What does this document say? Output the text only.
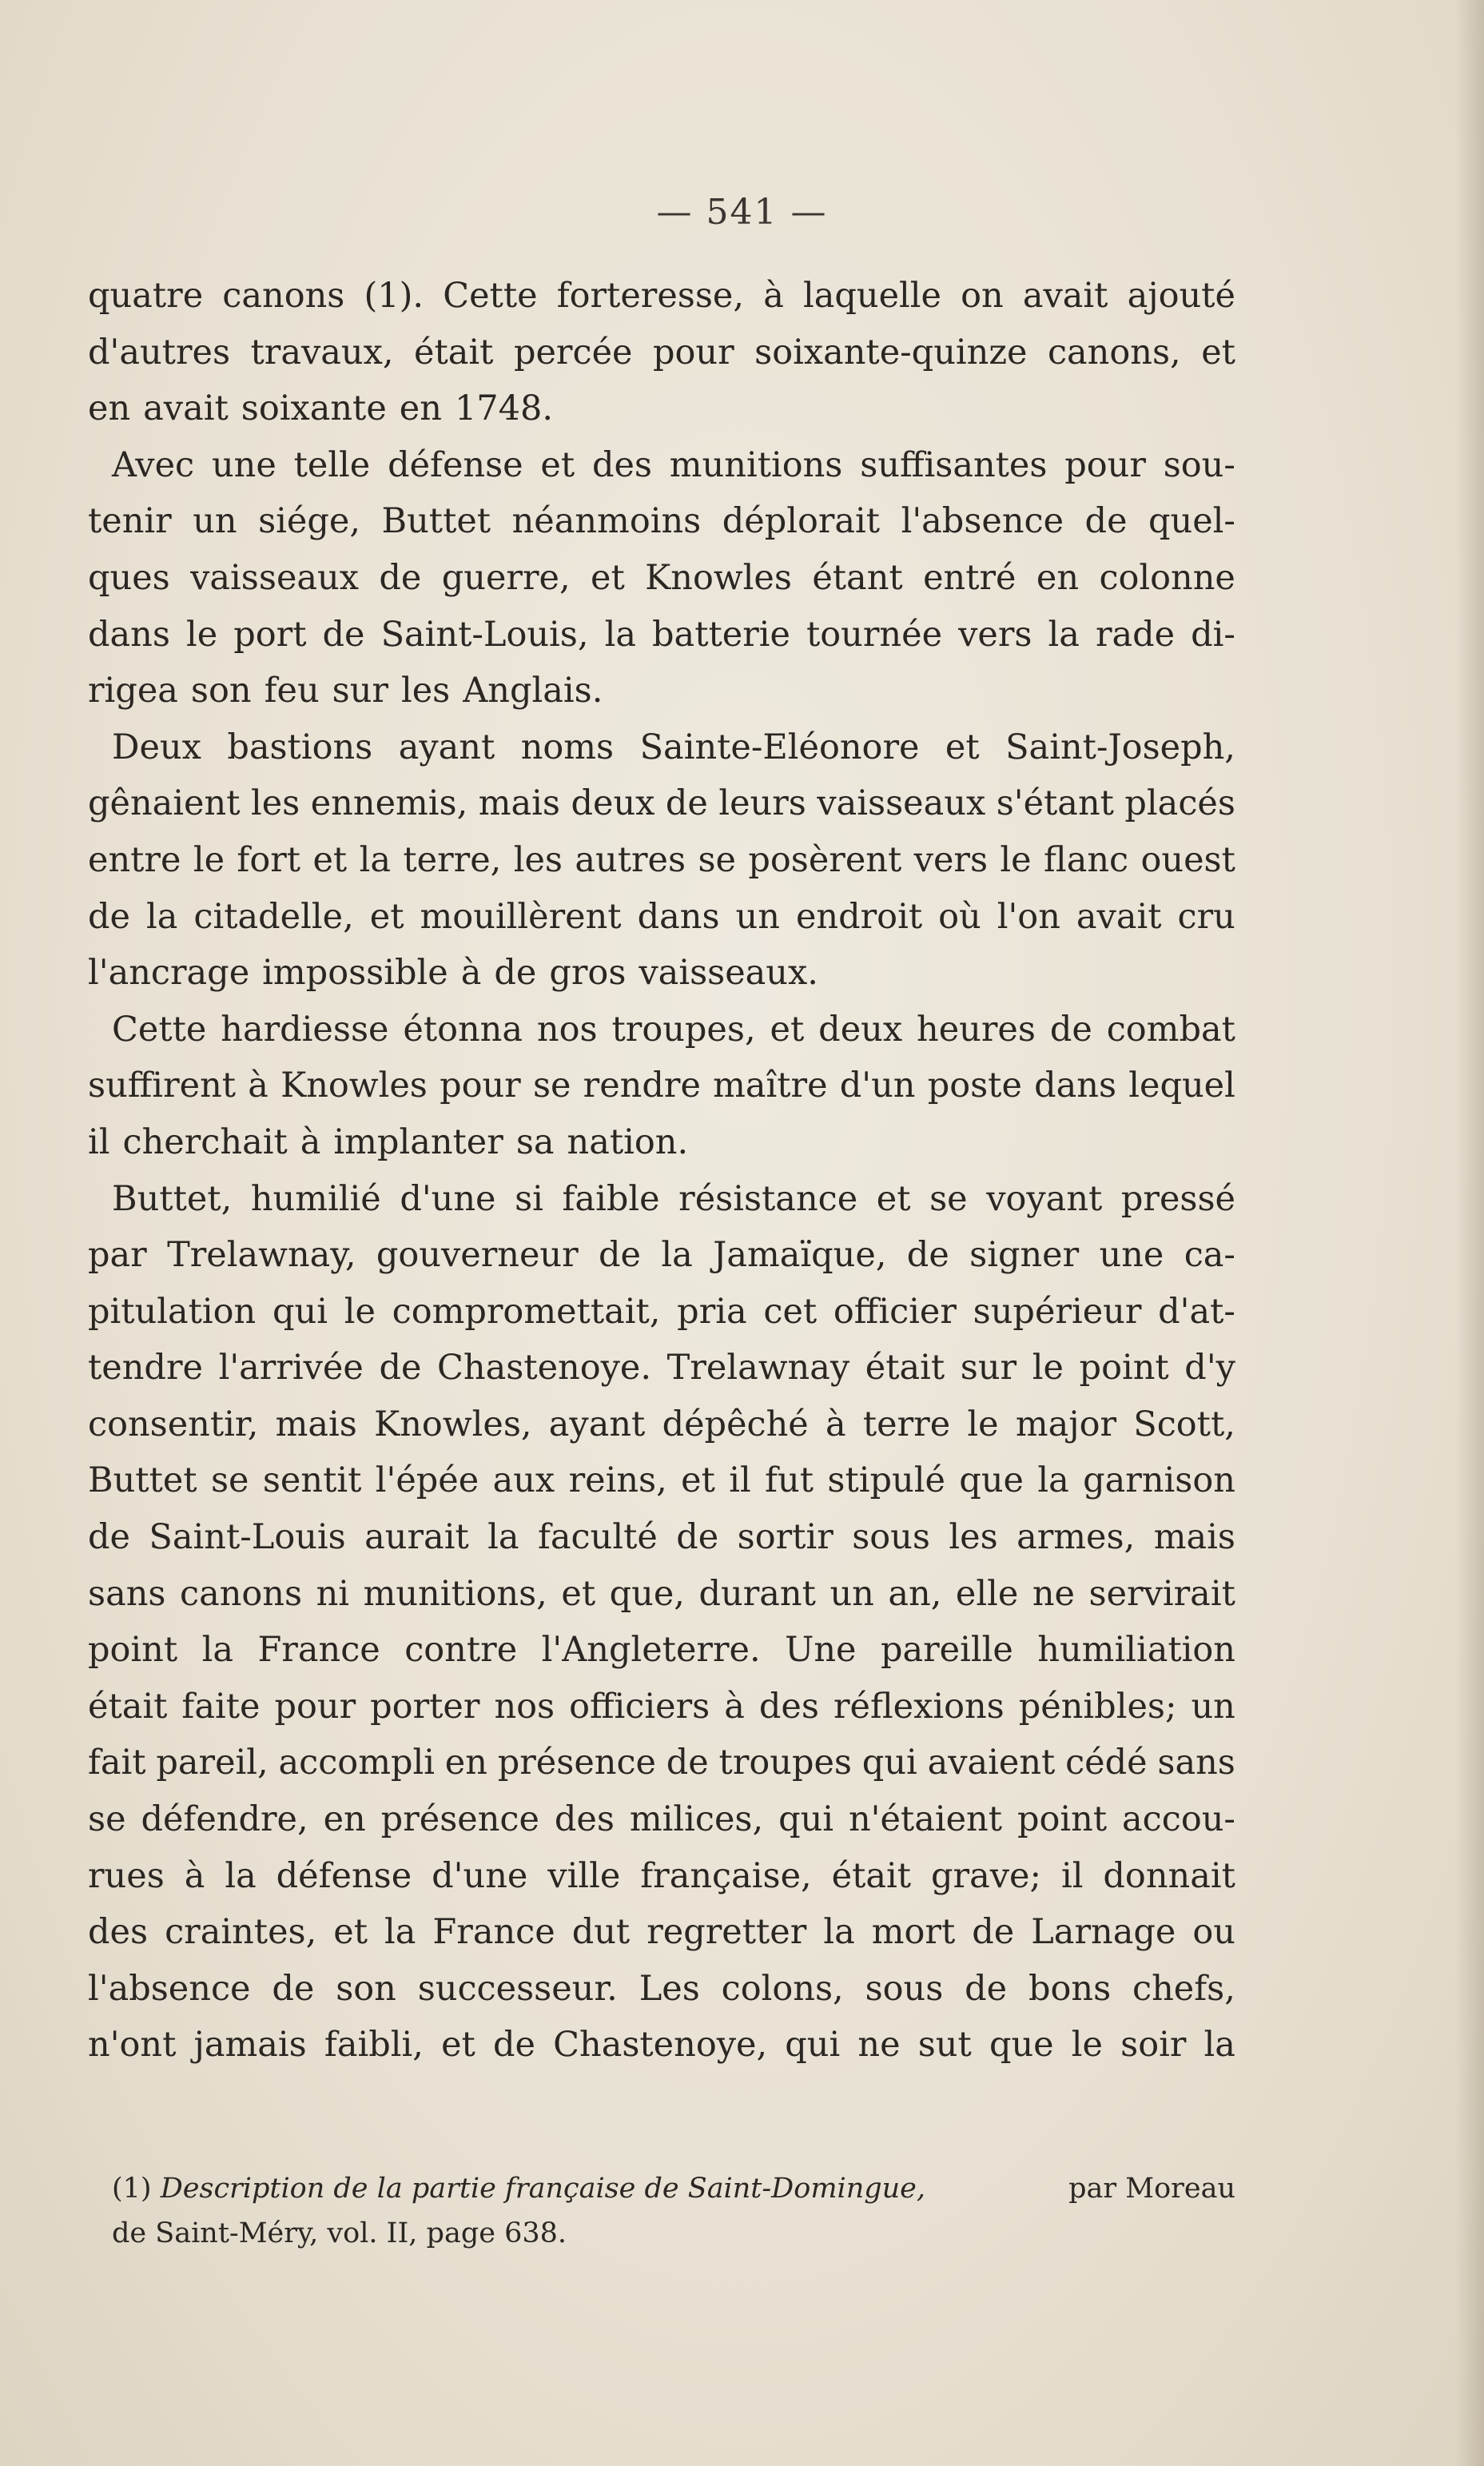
— 541 —
quatre canons (1). Cette forteresse, à laquelle on avait ajouté
d'autres travaux, était percée pour soixante-quinze canons, et
en avait soixante en 1748.
Avec une telle défense et des munitions suffisantes pour sou-
tenir un siége, Buttet néanmoins déplorait l'absence de quel-
ques vaisseaux de guerre, et Knowles étant entré en colonne
dans le port de Saint-Louis, la batterie tournée vers la rade di-
rigea son feu sur les Anglais.
Deux bastions ayant noms Sainte-Eléonore et Saint-Joseph,
gênaient les ennemis, mais deux de leurs vaisseaux s'étant placés
entre le fort et la terre, les autres se posèrent vers le flanc ouest
de la citadelle, et mouillèrent dans un endroit où l'on avait cru
l'ancrage impossible à de gros vaisseaux.
Cette hardiesse étonna nos troupes, et deux heures de combat
suffirent à Knowles pour se rendre maître d'un poste dans lequel
il cherchait à implanter sa nation.
Buttet, humilié d'une si faible résistance et se voyant pressé
par Trelawnay, gouverneur de la Jamaïque, de signer une ca-
pitulation qui le compromettait, pria cet officier supérieur d'at-
tendre l'arrivée de Chastenoye. Trelawnay était sur le point d'y
consentir, mais Knowles, ayant dépêché à terre le major Scott,
Buttet se sentit l'épée aux reins, et il fut stipulé que la garnison
de Saint-Louis aurait la faculté de sortir sous les armes, mais
sans canons ni munitions, et que, durant un an, elle ne servirait
point la France contre l'Angleterre. Une pareille humiliation
était faite pour porter nos officiers à des réflexions pénibles; un
fait pareil, accompli en présence de troupes qui avaient cédé sans
se défendre, en présence des milices, qui n'étaient point accou-
rues à la défense d'une ville française, était grave; il donnait
des craintes, et la France dut regretter la mort de Larnage ou
l'absence de son successeur. Les colons, sous de bons chefs,
n'ont jamais faibli, et de Chastenoye, qui ne sut que le soir la
(1) Description de la partie française de Saint-Domingue,	par Moreau
de Saint-Méry, vol. II, page 638.
